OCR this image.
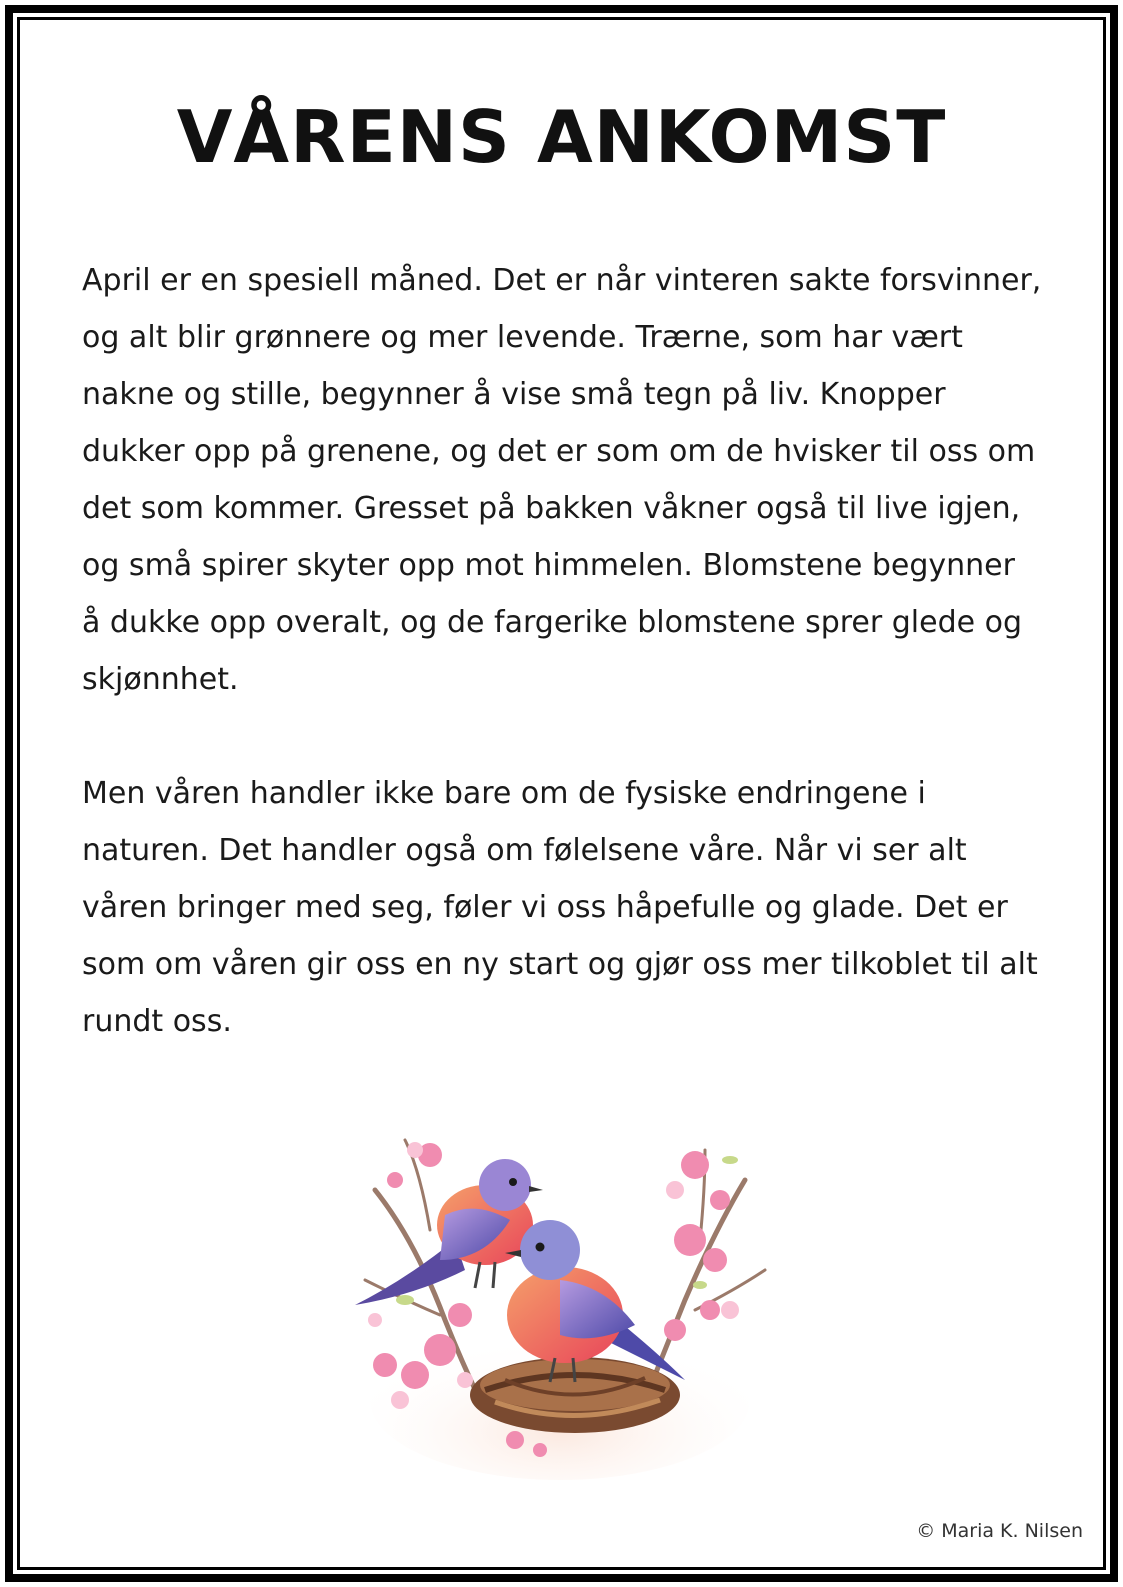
VÅRENS ANKOMST

April er en spesiell måned. Det er når vinteren sakte forsvinner, og alt blir grønnere og mer levende. Trærne, som har vært nakne og stille, begynner å vise små tegn på liv. Knopper dukker opp på grenene, og det er som om de hvisker til oss om det som kommer. Gresset på bakken våkner også til live igjen, og små spirer skyter opp mot himmelen. Blomstene begynner å dukke opp overalt, og de fargerike blomstene sprer glede og skjønnhet.

Men våren handler ikke bare om de fysiske endringene i naturen. Det handler også om følelsene våre. Når vi ser alt våren bringer med seg, føler vi oss håpefulle og glade. Det er som om våren gir oss en ny start og gjør oss mer tilkoblet til alt rundt oss.

© Maria K. Nilsen
